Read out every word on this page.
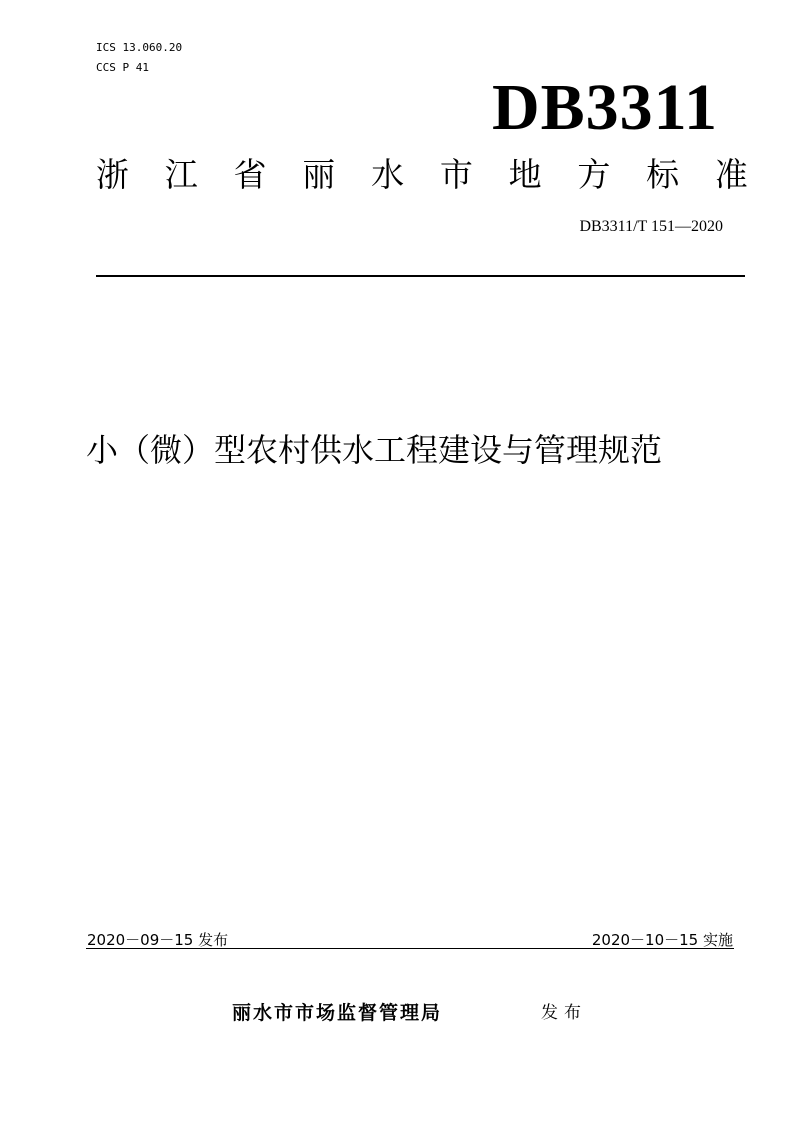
ICS 13.060.20
CCS P 41
DB3311
浙 江 省 丽 水 市 地 方 标 准
DB3311/T 151—2020
小（微）型农村供水工程建设与管理规范
2020－09－15 发布	2020－10－15 实施
丽水市市场监督管理局	发布
